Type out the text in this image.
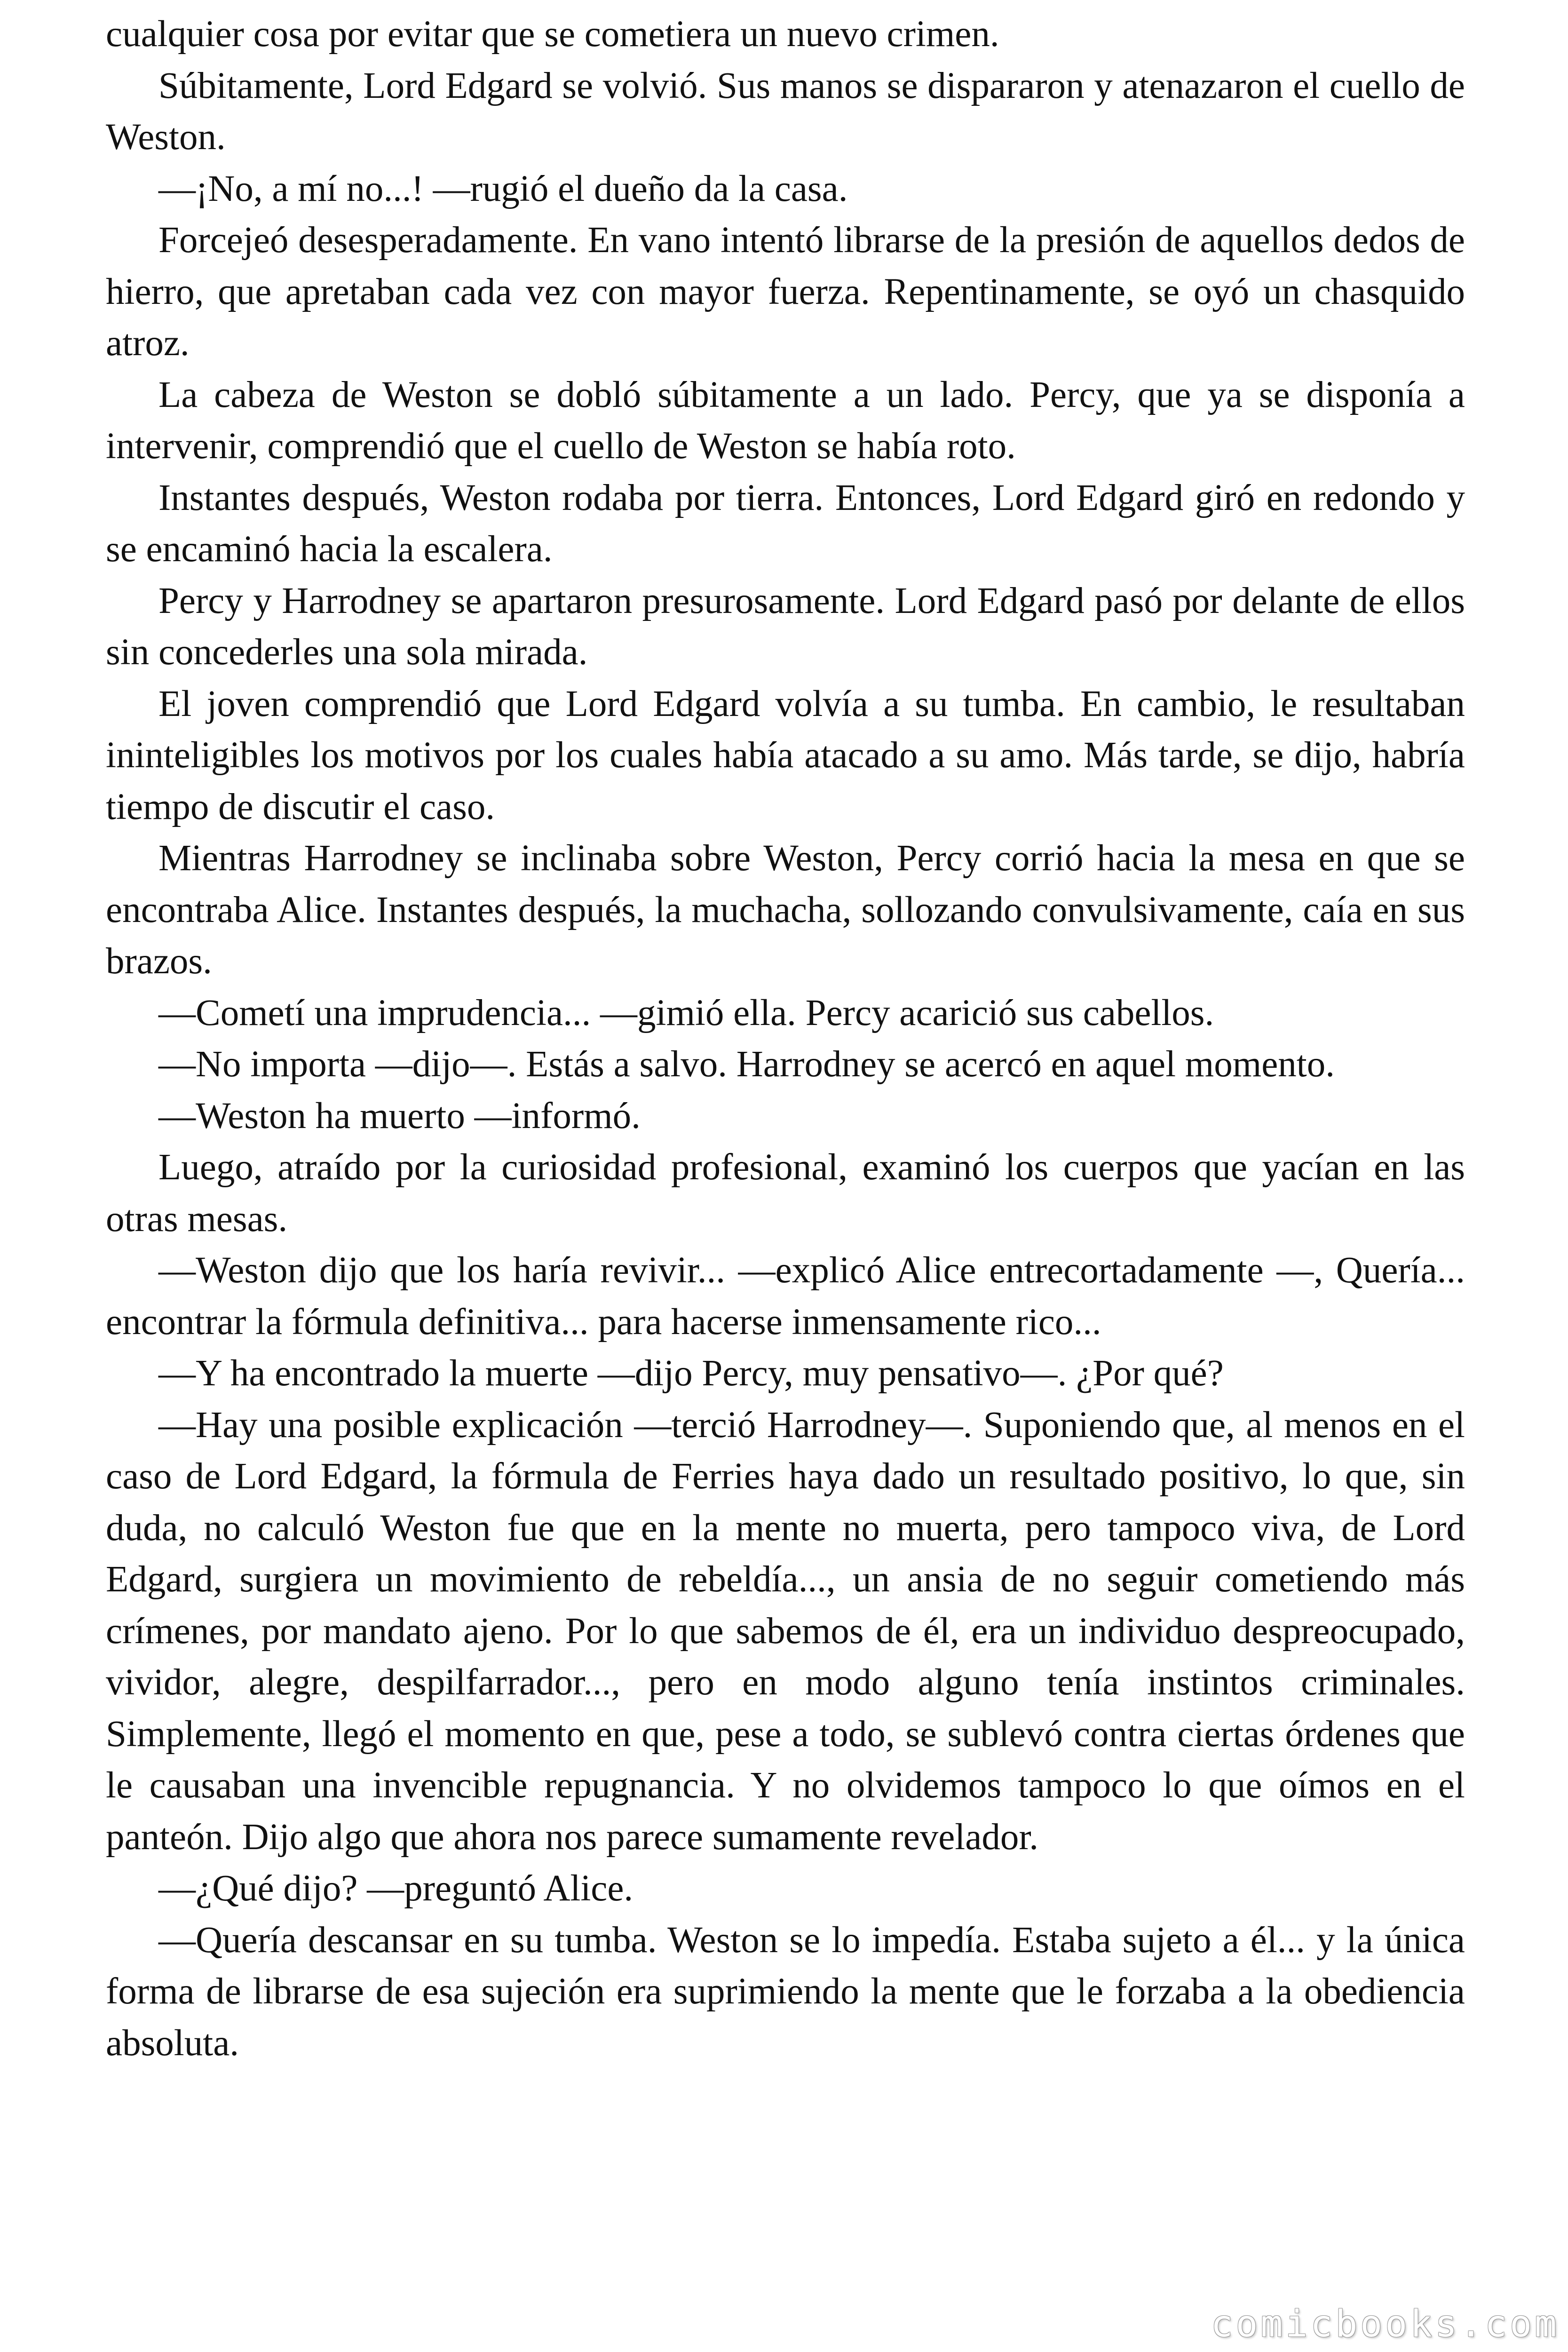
cualquier cosa por evitar que se cometiera un nuevo crimen.

Súbitamente, Lord Edgard se volvió. Sus manos se dispararon y atenazaron el cuello de Weston.

—¡No, a mí no...! —rugió el dueño da la casa.

Forcejeó desesperadamente. En vano intentó librarse de la presión de aquellos dedos de hierro, que apretaban cada vez con mayor fuerza. Repentinamente, se oyó un chasquido atroz.

La cabeza de Weston se dobló súbitamente a un lado. Percy, que ya se disponía a intervenir, comprendió que el cuello de Weston se había roto.

Instantes después, Weston rodaba por tierra. Entonces, Lord Edgard giró en redondo y se encaminó hacia la escalera.

Percy y Harrodney se apartaron presurosamente. Lord Edgard pasó por delante de ellos sin concederles una sola mirada.

El joven comprendió que Lord Edgard volvía a su tumba. En cambio, le resultaban ininteligibles los motivos por los cuales había atacado a su amo. Más tarde, se dijo, habría tiempo de discutir el caso.

Mientras Harrodney se inclinaba sobre Weston, Percy corrió hacia la mesa en que se encontraba Alice. Instantes después, la muchacha, sollozando convulsivamente, caía en sus brazos.

—Cometí una imprudencia... —gimió ella. Percy acarició sus cabellos.

—No importa —dijo—. Estás a salvo. Harrodney se acercó en aquel momento.

—Weston ha muerto —informó.

Luego, atraído por la curiosidad profesional, examinó los cuerpos que yacían en las otras mesas.

—Weston dijo que los haría revivir... —explicó Alice entrecortadamente —, Quería... encontrar la fórmula definitiva... para hacerse inmensamente rico...

—Y ha encontrado la muerte —dijo Percy, muy pensativo—. ¿Por qué?

—Hay una posible explicación —terció Harrodney—. Suponiendo que, al menos en el caso de Lord Edgard, la fórmula de Ferries haya dado un resultado positivo, lo que, sin duda, no calculó Weston fue que en la mente no muerta, pero tampoco viva, de Lord Edgard, surgiera un movimiento de rebeldía..., un ansia de no seguir cometiendo más crímenes, por mandato ajeno. Por lo que sabemos de él, era un individuo despreocupado, vividor, alegre, despilfarrador..., pero en modo alguno tenía instintos criminales. Simplemente, llegó el momento en que, pese a todo, se sublevó contra ciertas órdenes que le causaban una invencible repugnancia. Y no olvidemos tampoco lo que oímos en el panteón. Dijo algo que ahora nos parece sumamente revelador.

—¿Qué dijo? —preguntó Alice.

—Quería descansar en su tumba. Weston se lo impedía. Estaba sujeto a él... y la única forma de librarse de esa sujeción era suprimiendo la mente que le forzaba a la obediencia absoluta.

comicbooks.com
